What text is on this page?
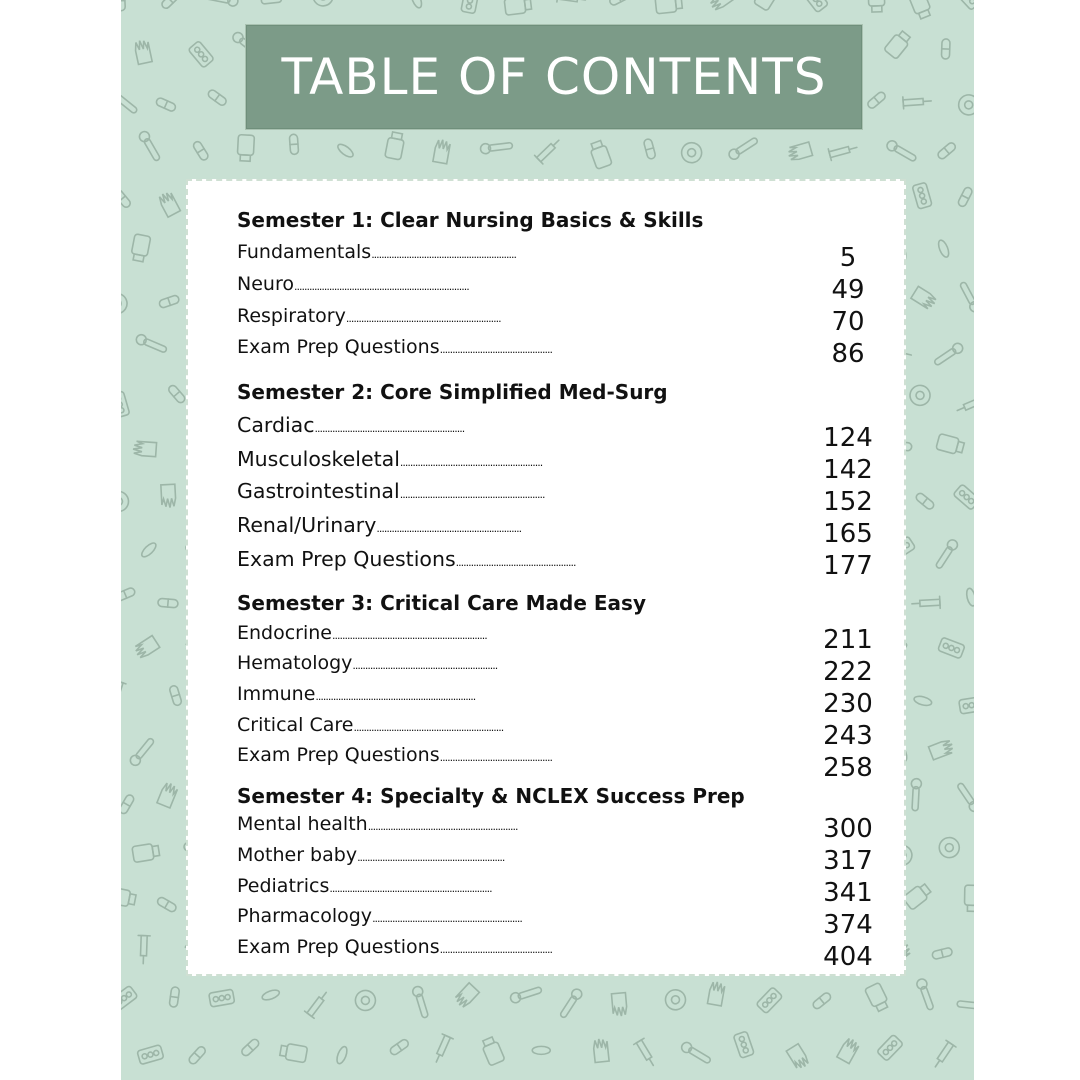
TABLE OF CONTENTS
Semester 1: Clear Nursing Basics & Skills
Fundamentals..........................................................	5
Neuro......................................................................	49
Respiratory..............................................................	70
Exam Prep Questions.............................................	86
Semester 2: Core Simplified Med-Surg
Cardiac............................................................	124
Musculoskeletal.........................................................	142
Gastrointestinal..........................................................	152
Renal/Urinary..........................................................	165
Exam Prep Questions................................................	177
Semester 3: Critical Care Made Easy
Endocrine..............................................................	211
Hematology..........................................................	222
Immune................................................................	230
Critical Care............................................................	243
Exam Prep Questions.............................................	258
Semester 4: Specialty & NCLEX Success Prep
Mental health............................................................	300
Mother baby...........................................................	317
Pediatrics.................................................................	341
Pharmacology............................................................	374
Exam Prep Questions.............................................	404
